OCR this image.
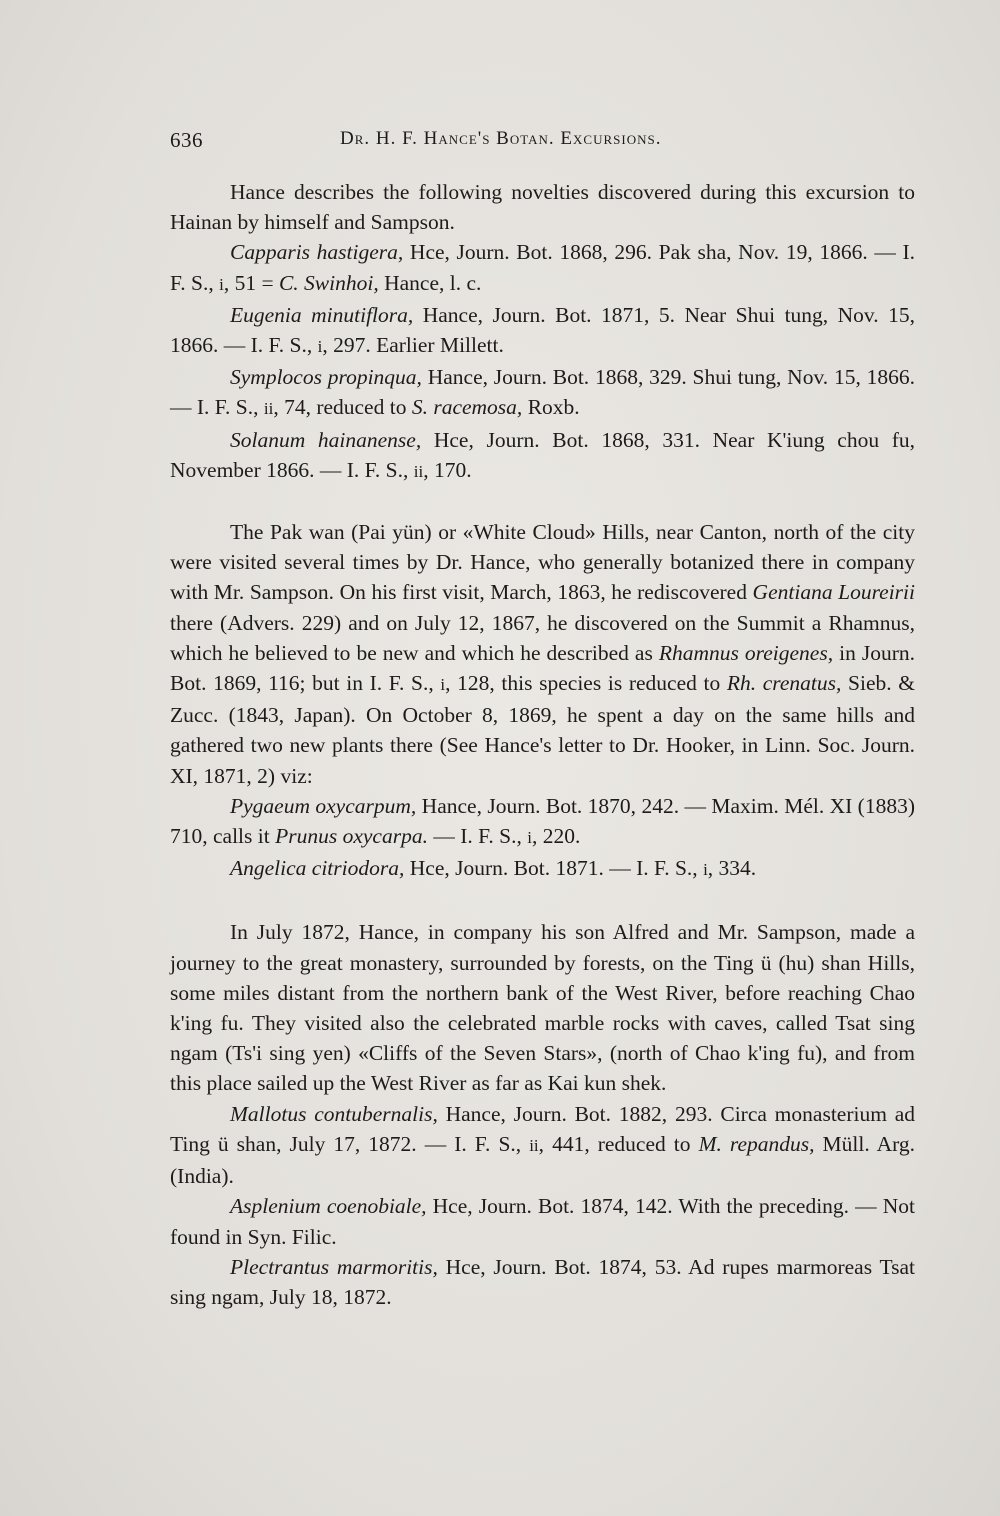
636	Dr. H. F. Hance's Botan. Excursions.

Hance describes the following novelties discovered during this excursion to Hainan by himself and Sampson.

Capparis hastigera, Hce, Journ. Bot. 1868, 296. Pak sha, Nov. 19, 1866. — I. F. S., i, 51 = C. Swinhoi, Hance, l. c.

Eugenia minutiflora, Hance, Journ. Bot. 1871, 5. Near Shui tung, Nov. 15, 1866. — I. F. S., i, 297. Earlier Millett.

Symplocos propinqua, Hance, Journ. Bot. 1868, 329. Shui tung, Nov. 15, 1866. — I. F. S., ii, 74, reduced to S. racemosa, Roxb.

Solanum hainanense, Hce, Journ. Bot. 1868, 331. Near K'iung chou fu, November 1866. — I. F. S., ii, 170.

The Pak wan (Pai yün) or «White Cloud» Hills, near Canton, north of the city were visited several times by Dr. Hance, who generally botanized there in company with Mr. Sampson. On his first visit, March, 1863, he rediscovered Gentiana Loureirii there (Advers. 229) and on July 12, 1867, he discovered on the Summit a Rhamnus, which he believed to be new and which he described as Rhamnus oreigenes, in Journ. Bot. 1869, 116; but in I. F. S., i, 128, this species is reduced to Rh. crenatus, Sieb. & Zucc. (1843, Japan). On October 8, 1869, he spent a day on the same hills and gathered two new plants there (See Hance's letter to Dr. Hooker, in Linn. Soc. Journ. XI, 1871, 2) viz:

Pygaeum oxycarpum, Hance, Journ. Bot. 1870, 242. — Maxim. Mél. XI (1883) 710, calls it Prunus oxycarpa. — I. F. S., i, 220.

Angelica citriodora, Hce, Journ. Bot. 1871. — I. F. S., i, 334.

In July 1872, Hance, in company his son Alfred and Mr. Sampson, made a journey to the great monastery, surrounded by forests, on the Ting ü (hu) shan Hills, some miles distant from the northern bank of the West River, before reaching Chao k'ing fu. They visited also the celebrated marble rocks with caves, called Tsat sing ngam (Ts'i sing yen) «Cliffs of the Seven Stars», (north of Chao k'ing fu), and from this place sailed up the West River as far as Kai kun shek.

Mallotus contubernalis, Hance, Journ. Bot. 1882, 293. Circa monasterium ad Ting ü shan, July 17, 1872. — I. F. S., ii, 441, reduced to M. repandus, Müll. Arg. (India).

Asplenium coenobiale, Hce, Journ. Bot. 1874, 142. With the preceding. — Not found in Syn. Filic.

Plectrantus marmoritis, Hce, Journ. Bot. 1874, 53. Ad rupes marmoreas Tsat sing ngam, July 18, 1872.
